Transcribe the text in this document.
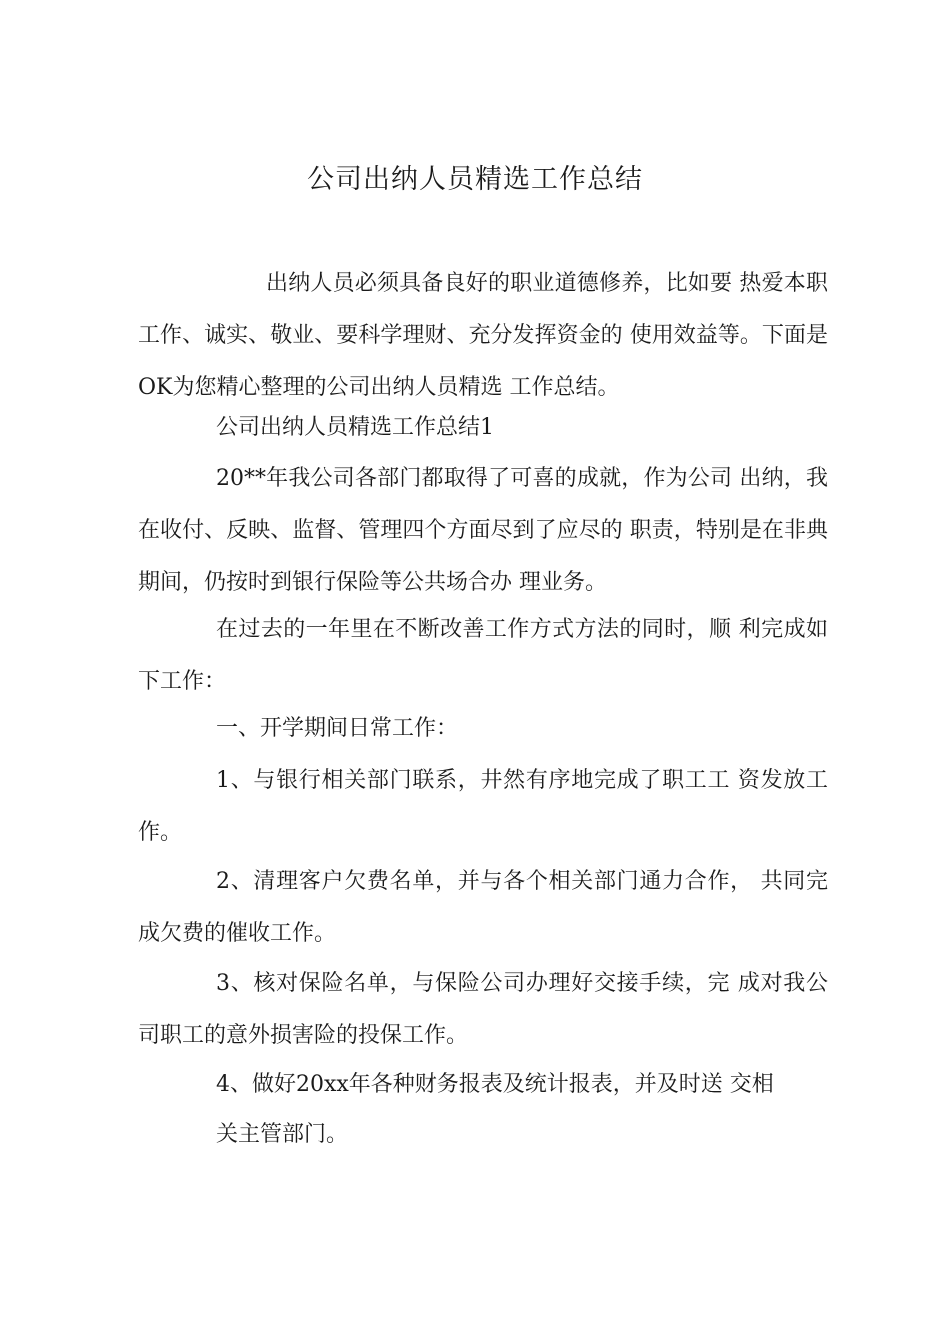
公司出纳人员精选工作总结
出纳人员必须具备良好的职业道德修养，比如要 热爱本职工作、诚实、敬业、要科学理财、充分发挥资金的 使用效益等。下面是OK为您精心整理的公司出纳人员精选 工作总结。
公司出纳人员精选工作总结1
20**年我公司各部门都取得了可喜的成就，作为公司 出纳，我在收付、反映、监督、管理四个方面尽到了应尽的 职责，特别是在非典期间，仍按时到银行保险等公共场合办 理业务。
在过去的一年里在不断改善工作方式方法的同时，顺 利完成如下工作：
一、开学期间日常工作：
1、与银行相关部门联系，井然有序地完成了职工工 资发放工作。
2、清理客户欠费名单，并与各个相关部门通力合作， 共同完成欠费的催收工作。
3、核对保险名单，与保险公司办理好交接手续，完 成对我公司职工的意外损害险的投保工作。
4、做好20xx年各种财务报表及统计报表，并及时送 交相
关主管部门。
